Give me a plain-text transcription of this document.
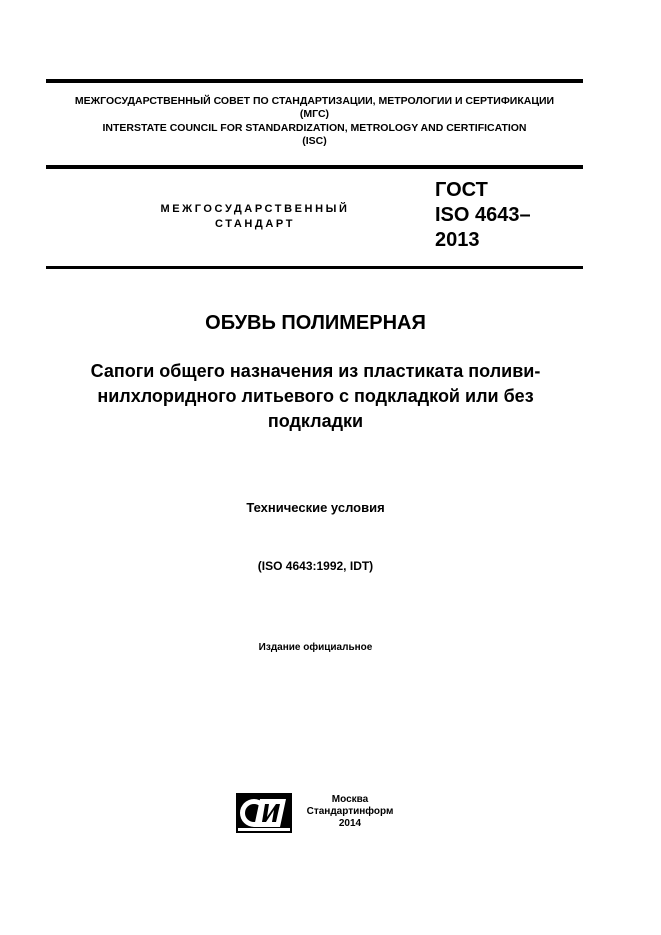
МЕЖГОСУДАРСТВЕННЫЙ СОВЕТ ПО СТАНДАРТИЗАЦИИ, МЕТРОЛОГИИ И СЕРТИФИКАЦИИ
(МГС)
INTERSTATE COUNCIL FOR STANDARDIZATION, METROLOGY AND CERTIFICATION
(ISC)
МЕЖГОСУДАРСТВЕННЫЙ
СТАНДАРТ
ГОСТ
ISO 4643–
2013
ОБУВЬ ПОЛИМЕРНАЯ
Сапоги общего назначения из пластиката поливи-
нилхлоридного литьевого с подкладкой или без
подкладки
Технические условия
(ISO 4643:1992, IDT)
Издание официальное
Москва
Стандартинформ
2014
